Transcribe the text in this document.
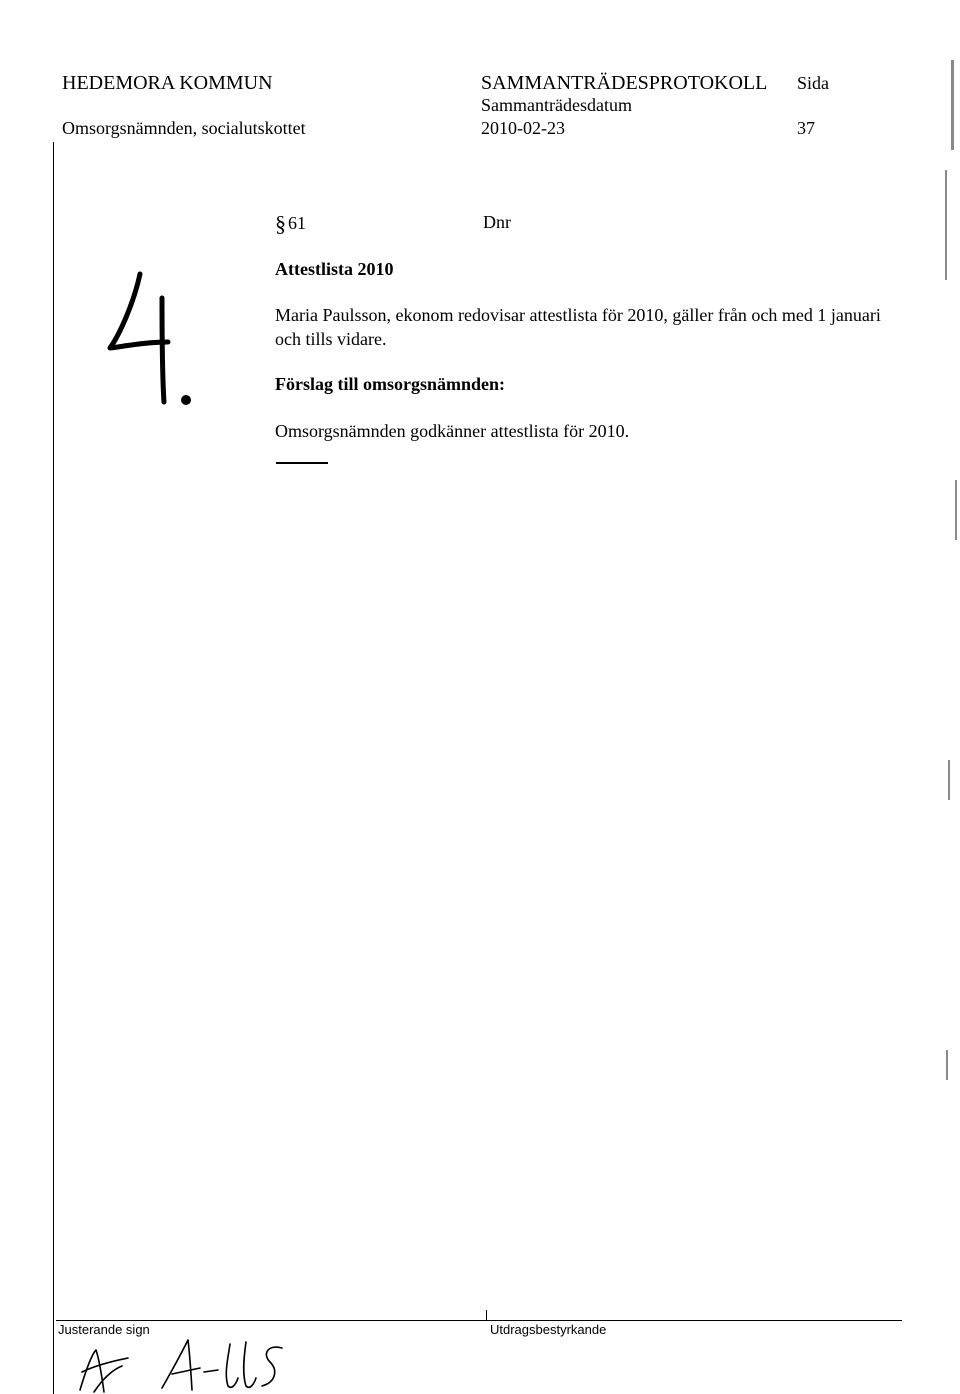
HEDEMORA KOMMUN
Omsorgsnämnden, socialutskottet
SAMMANTRÄDESPROTOKOLL
Sammanträdesdatum
2010-02-23
Sida
37
§ 61	Dnr
Attestlista 2010
Maria Paulsson, ekonom redovisar attestlista för 2010, gäller från och med 1 januari och tills vidare.
Förslag till omsorgsnämnden:
Omsorgsnämnden godkänner attestlista för 2010.
Justerande sign	Utdragsbestyrkande
